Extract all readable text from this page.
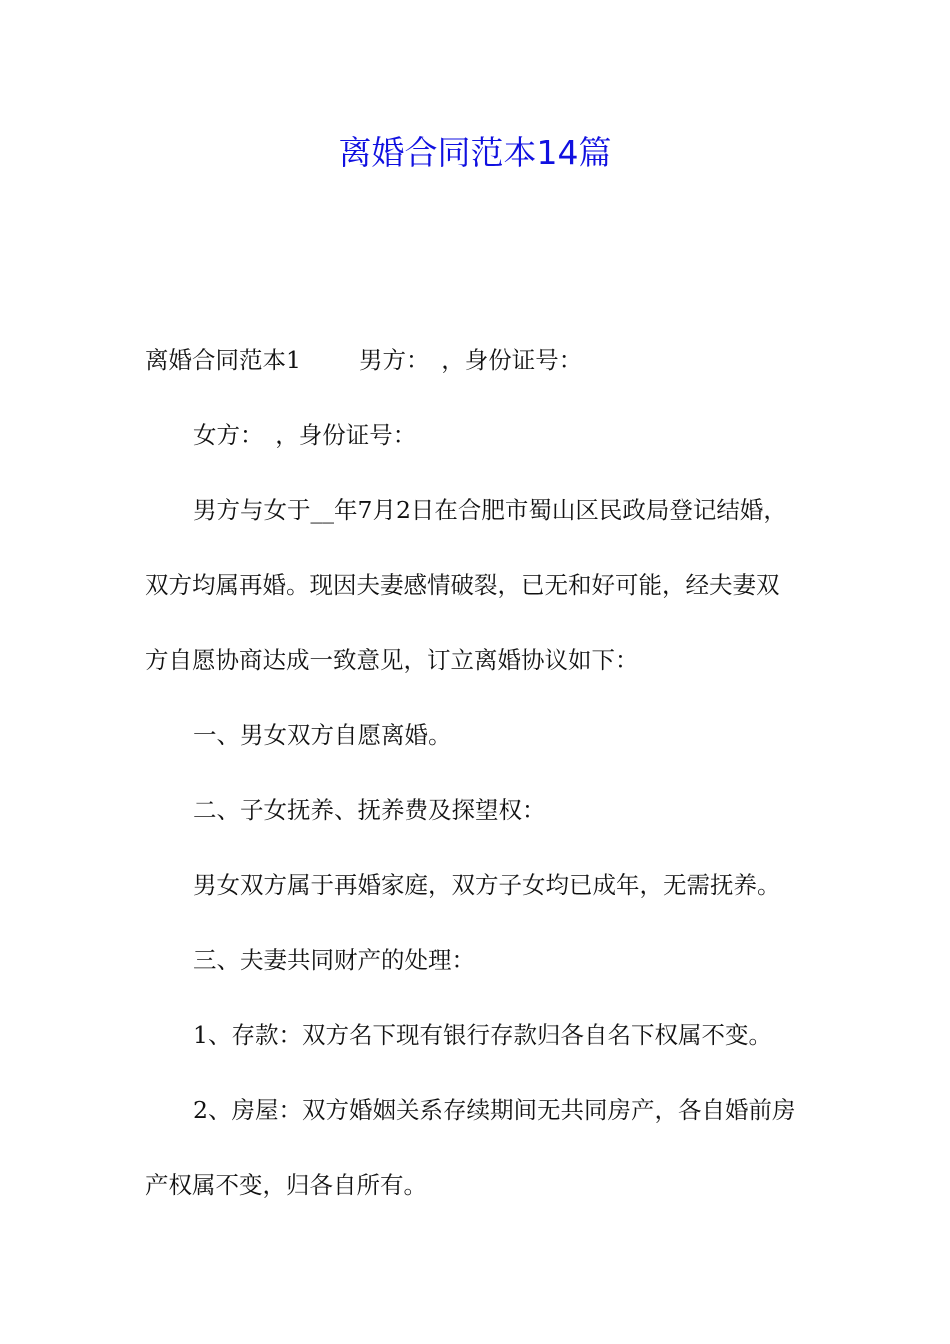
离婚合同范本14篇
离婚合同范本1 男方：　，身份证号：
女方：　，身份证号：
男方与女于__年7月2日在合肥市蜀山区民政局登记结婚，
双方均属再婚。现因夫妻感情破裂，已无和好可能，经夫妻双
方自愿协商达成一致意见，订立离婚协议如下：
一、男女双方自愿离婚。
二、子女抚养、抚养费及探望权：
男女双方属于再婚家庭，双方子女均已成年，无需抚养。
三、夫妻共同财产的处理：
1、存款：双方名下现有银行存款归各自名下权属不变。
2、房屋：双方婚姻关系存续期间无共同房产，各自婚前房
产权属不变，归各自所有。
